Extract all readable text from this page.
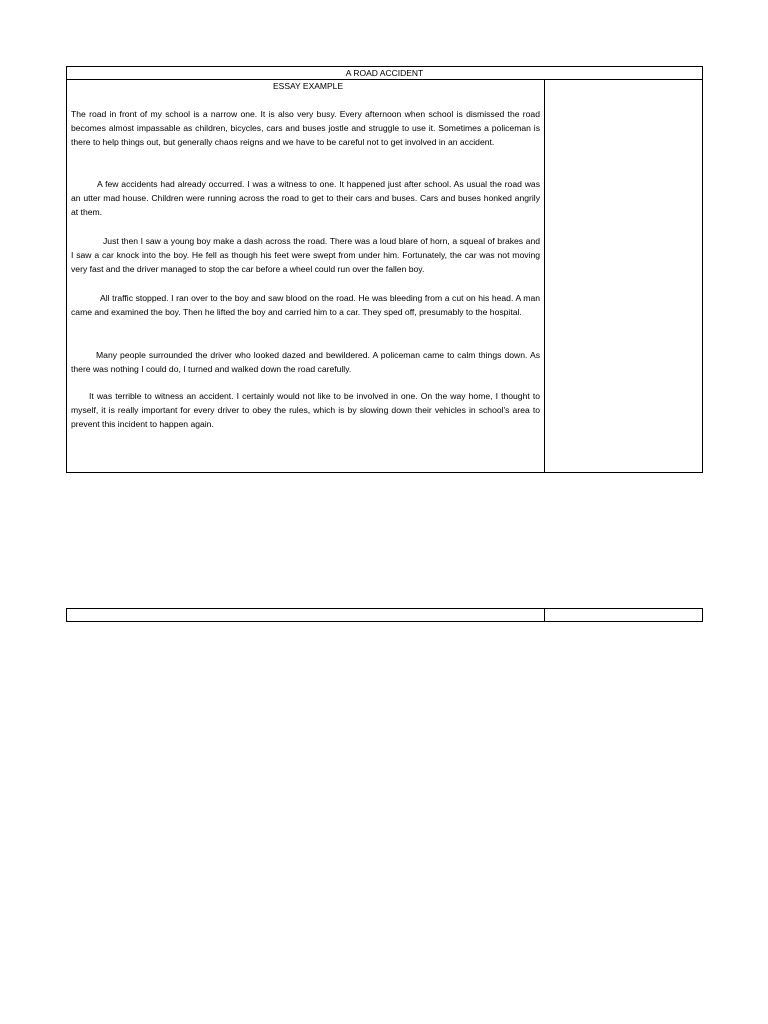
A ROAD ACCIDENT
ESSAY EXAMPLE
The road in front of my school is a narrow one. It is also very busy. Every afternoon when school is dismissed the road becomes almost impassable as children, bicycles, cars and buses jostle and struggle to use it. Sometimes a policeman is there to help things out, but generally chaos reigns and we have to be careful not to get involved in an accident.
A few accidents had already occurred. I was a witness to one. It happened just after school. As usual the road was an utter mad house. Children were running across the road to get to their cars and buses. Cars and buses honked angrily at them.
Just then I saw a young boy make a dash across the road. There was a loud blare of horn, a squeal of brakes and I saw a car knock into the boy. He fell as though his feet were swept from under him. Fortunately, the car was not moving very fast and the driver managed to stop the car before a wheel could run over the fallen boy.
All traffic stopped. I ran over to the boy and saw blood on the road. He was bleeding from a cut on his head. A man came and examined the boy. Then he lifted the boy and carried him to a car. They sped off, presumably to the hospital.
Many people surrounded the driver who looked dazed and bewildered. A policeman came to calm things down. As there was nothing I could do, I turned and walked down the road carefully.
It was terrible to witness an accident. I certainly would not like to be involved in one. On the way home, I thought to myself, it is really important for every driver to obey the rules, which is by slowing down their vehicles in school's area to prevent this incident to happen again.
